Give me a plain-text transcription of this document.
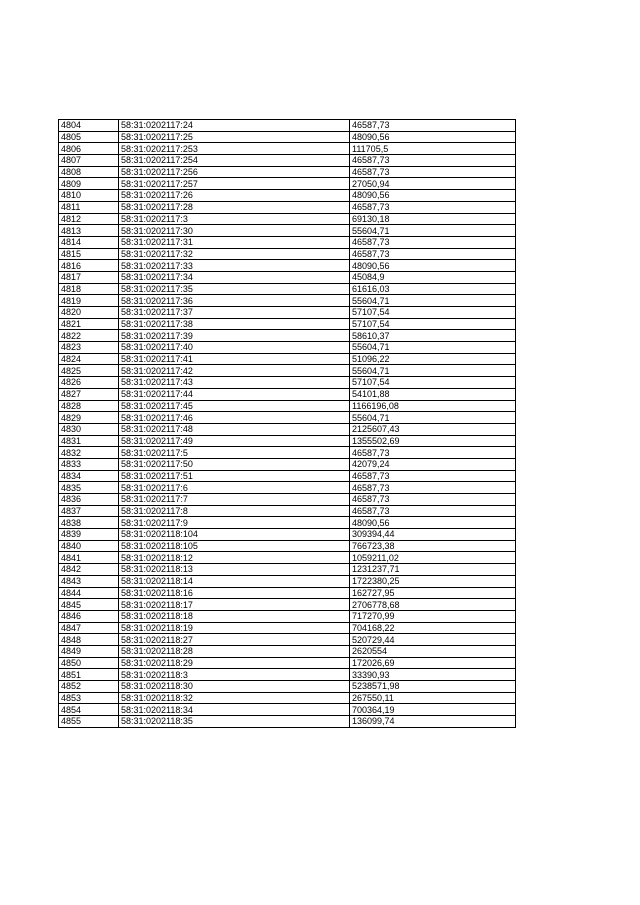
4804	58:31:0202117:24	46587,73
4805	58:31:0202117:25	48090,56
4806	58:31:0202117:253	111705,5
4807	58:31:0202117:254	46587,73
4808	58:31:0202117:256	46587,73
4809	58:31:0202117:257	27050,94
4810	58:31:0202117:26	48090,56
4811	58:31:0202117:28	46587,73
4812	58:31:0202117:3	69130,18
4813	58:31:0202117:30	55604,71
4814	58:31:0202117:31	46587,73
4815	58:31:0202117:32	46587,73
4816	58:31:0202117:33	48090,56
4817	58:31:0202117:34	45084,9
4818	58:31:0202117:35	61616,03
4819	58:31:0202117:36	55604,71
4820	58:31:0202117:37	57107,54
4821	58:31:0202117:38	57107,54
4822	58:31:0202117:39	58610,37
4823	58:31:0202117:40	55604,71
4824	58:31:0202117:41	51096,22
4825	58:31:0202117:42	55604,71
4826	58:31:0202117:43	57107,54
4827	58:31:0202117:44	54101,88
4828	58:31:0202117:45	1166196,08
4829	58:31:0202117:46	55604,71
4830	58:31:0202117:48	2125607,43
4831	58:31:0202117:49	1355502,69
4832	58:31:0202117:5	46587,73
4833	58:31:0202117:50	42079,24
4834	58:31:0202117:51	46587,73
4835	58:31:0202117:6	46587,73
4836	58:31:0202117:7	46587,73
4837	58:31:0202117:8	46587,73
4838	58:31:0202117:9	48090,56
4839	58:31:0202118:104	309394,44
4840	58:31:0202118:105	766723,38
4841	58:31:0202118:12	1059211,02
4842	58:31:0202118:13	1231237,71
4843	58:31:0202118:14	1722380,25
4844	58:31:0202118:16	162727,95
4845	58:31:0202118:17	2706778,68
4846	58:31:0202118:18	717270,99
4847	58:31:0202118:19	704168,22
4848	58:31:0202118:27	520729,44
4849	58:31:0202118:28	2620554
4850	58:31:0202118:29	172026,69
4851	58:31:0202118:3	33390,93
4852	58:31:0202118:30	5238571,98
4853	58:31:0202118:32	267550,11
4854	58:31:0202118:34	700364,19
4855	58:31:0202118:35	136099,74
